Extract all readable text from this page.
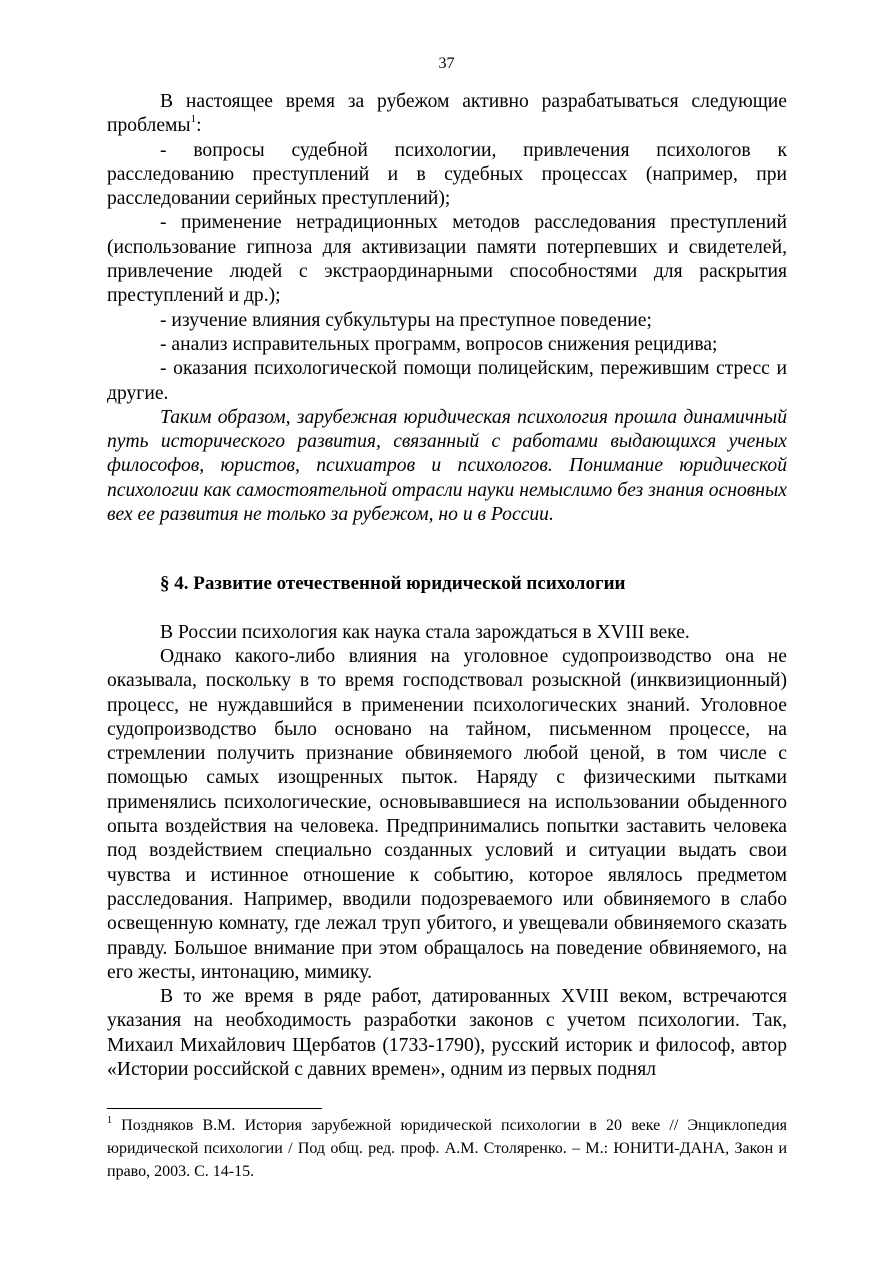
37

В настоящее время за рубежом активно разрабатываться следующие проблемы$^1$:

- вопросы судебной психологии, привлечения психологов к расследованию преступлений и в судебных процессах (например, при расследовании серийных преступлений);

- применение нетрадиционных методов расследования преступлений (использование гипноза для активизации памяти потерпевших и свидетелей, привлечение людей с экстраординарными способностями для раскрытия преступлений и др.);

- изучение влияния субкультуры на преступное поведение;

- анализ исправительных программ, вопросов снижения рецидива;

- оказания психологической помощи полицейским, пережившим стресс и другие.

Таким образом, зарубежная юридическая психология прошла динамичный путь исторического развития, связанный с работами выдающихся ученых философов, юристов, психиатров и психологов. Понимание юридической психологии как самостоятельной отрасли науки немыслимо без знания основных вех ее развития не только за рубежом, но и в России.

§ 4. Развитие отечественной юридической психологии

В России психология как наука стала зарождаться в XVIII веке.

Однако какого-либо влияния на уголовное судопроизводство она не оказывала, поскольку в то время господствовал розыскной (инквизиционный) процесс, не нуждавшийся в применении психологических знаний. Уголовное судопроизводство было основано на тайном, письменном процессе, на стремлении получить признание обвиняемого любой ценой, в том числе с помощью самых изощренных пыток. Наряду с физическими пытками применялись психологические, основывавшиеся на использовании обыденного опыта воздействия на человека. Предпринимались попытки заставить человека под воздействием специально созданных условий и ситуации выдать свои чувства и истинное отношение к событию, которое являлось предметом расследования. Например, вводили подозреваемого или обвиняемого в слабо освещенную комнату, где лежал труп убитого, и увещевали обвиняемого сказать правду. Большое внимание при этом обращалось на поведение обвиняемого, на его жесты, интонацию, мимику.

В то же время в ряде работ, датированных XVIII веком, встречаются указания на необходимость разработки законов с учетом психологии. Так, Михаил Михайлович Щербатов (1733-1790), русский историк и философ, автор «Истории российской с давних времен», одним из первых поднял

$^1$ Поздняков В.М. История зарубежной юридической психологии в 20 веке // Энциклопедия юридической психологии / Под общ. ред. проф. А.М. Столяренко. – М.: ЮНИТИ-ДАНА, Закон и право, 2003. С. 14-15.
